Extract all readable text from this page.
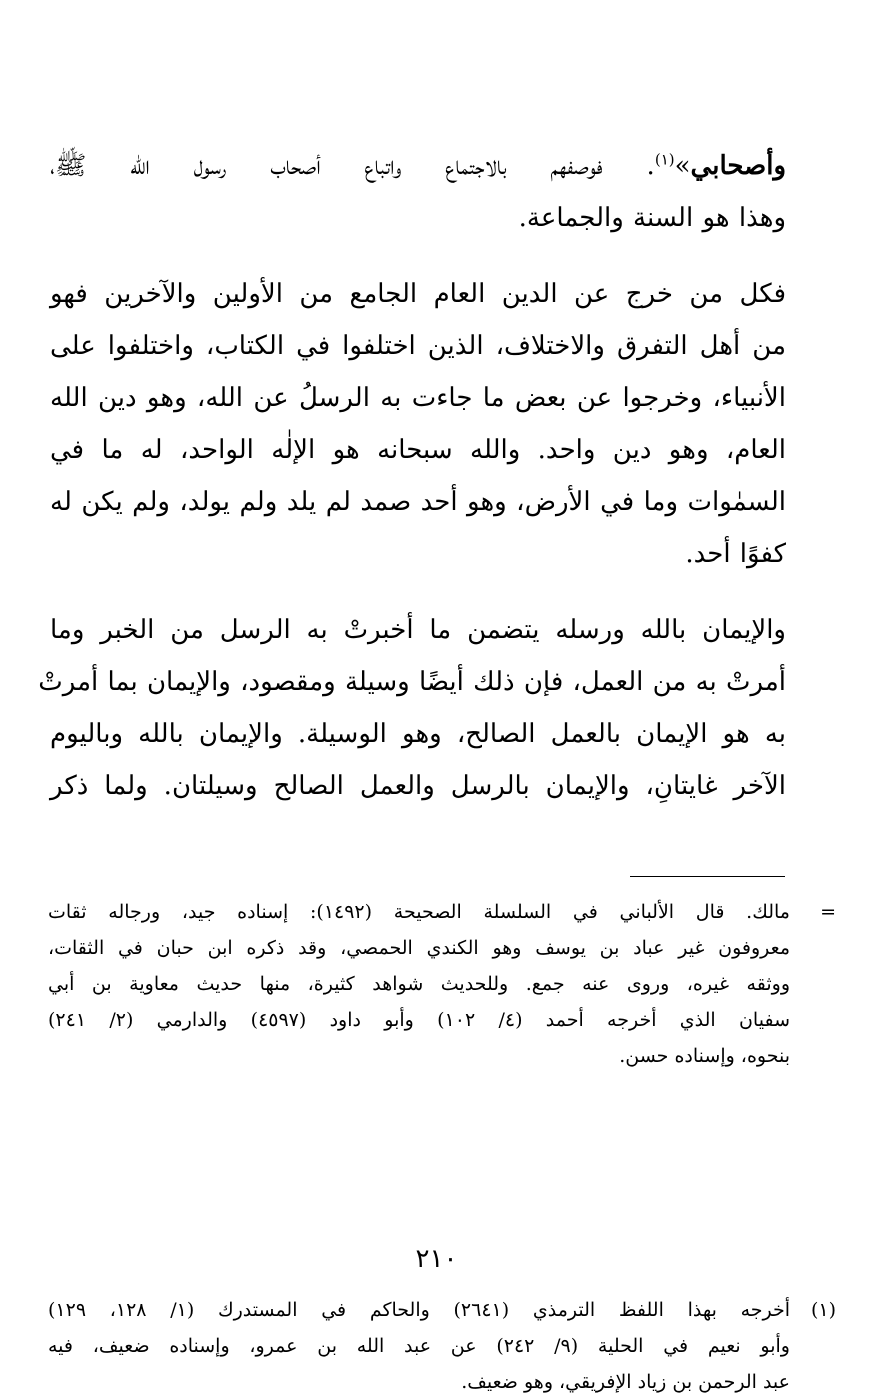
وأصحابي»$^{(١)}$. فوصفهم بالاجتماع واتباع أصحاب رسول الله ﷺ،
وهذا هو السنة والجماعة.
فكل من خرج عن الدين العام الجامع من الأولين والآخرين فهو
من أهل التفرق والاختلاف، الذين اختلفوا في الكتاب، واختلفوا على
الأنبياء، وخرجوا عن بعض ما جاءت به الرسلُ عن الله، وهو دين الله
العام، وهو دين واحد. والله سبحانه هو الإلٰه الواحد، له ما في
السمٰوات وما في الأرض، وهو أحد صمد لم يلد ولم يولد، ولم يكن له
كفوًا أحد.
والإيمان بالله ورسله يتضمن ما أخبرتْ به الرسل من الخبر وما
أمرتْ به من العمل، فإن ذلك أيضًا وسيلة ومقصود، والإيمان بما أمرتْ
به هو الإيمان بالعمل الصالح، وهو الوسيلة. والإيمان بالله وباليوم
الآخر غايتانِ، والإيمان بالرسل والعمل الصالح وسيلتان. ولما ذكر
=
مالك. قال الألباني في السلسلة الصحيحة (١٤٩٢): إسناده جيد، ورجاله ثقات
معروفون غير عباد بن يوسف وهو الكندي الحمصي، وقد ذكره ابن حبان في الثقات،
ووثقه غيره، وروى عنه جمع. وللحديث شواهد كثيرة، منها حديث معاوية بن أبي
سفيان الذي أخرجه أحمد (٤/ ١٠٢) وأبو داود (٤٥٩٧) والدارمي (٢/ ٢٤١)
بنحوه، وإسناده حسن.
(١)
أخرجه بهذا اللفظ الترمذي (٢٦٤١) والحاكم في المستدرك (١/ ١٢٨، ١٢٩)
وأبو نعيم في الحلية (٩/ ٢٤٢) عن عبد الله بن عمرو، وإسناده ضعيف، فيه
عبد الرحمن بن زياد الإفريقي، وهو ضعيف.
٢١٠
